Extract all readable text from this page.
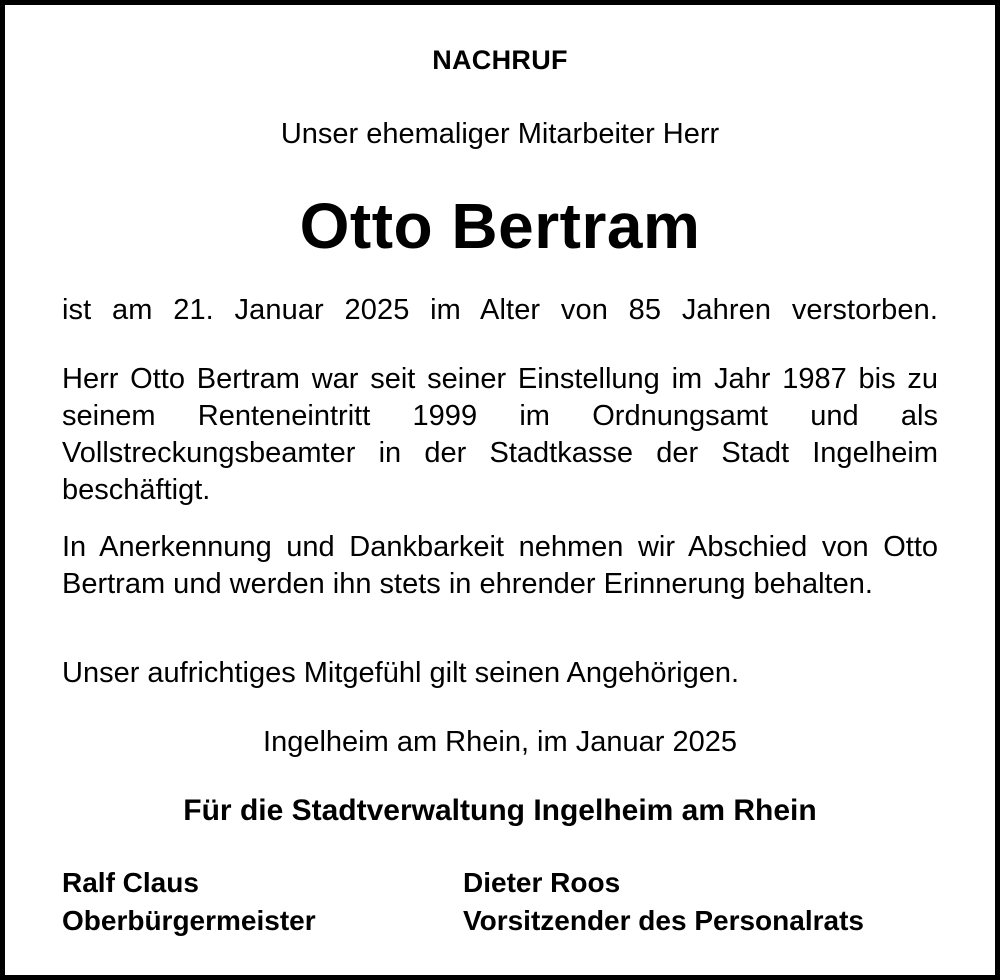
NACHRUF
Unser ehemaliger Mitarbeiter Herr
Otto Bertram
ist am 21. Januar 2025 im Alter von 85 Jahren verstorben.

Herr Otto Bertram war seit seiner Einstellung im Jahr 1987 bis zu seinem Renteneintritt 1999 im Ordnungsamt und als Vollstreckungsbeamter in der Stadtkasse der Stadt Ingelheim beschäftigt.

In Anerkennung und Dankbarkeit nehmen wir Abschied von Otto Bertram und werden ihn stets in ehrender Erinnerung behalten.

Unser aufrichtiges Mitgefühl gilt seinen Angehörigen.

Ingelheim am Rhein, im Januar 2025
Für die Stadtverwaltung Ingelheim am Rhein
Ralf Claus
Oberbürgermeister
Dieter Roos
Vorsitzender des Personalrats
